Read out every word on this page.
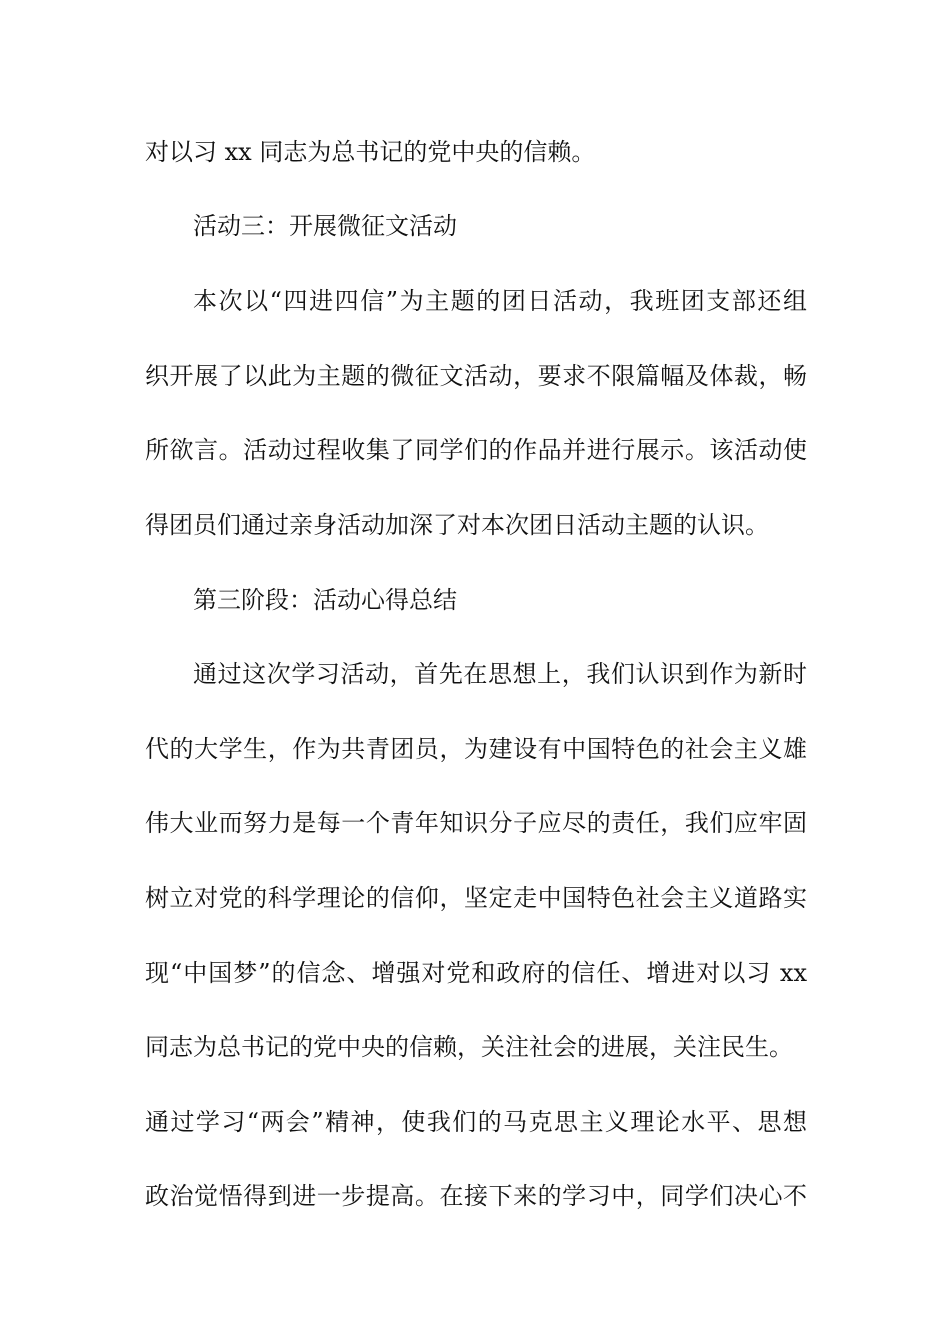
对以习 xx 同志为总书记的党中央的信赖。
活动三：开展微征文活动
本次以“四进四信”为主题的团日活动，我班团支部还组
织开展了以此为主题的微征文活动，要求不限篇幅及体裁，畅
所欲言。活动过程收集了同学们的作品并进行展示。该活动使
得团员们通过亲身活动加深了对本次团日活动主题的认识。
第三阶段：活动心得总结
通过这次学习活动，首先在思想上，我们认识到作为新时
代的大学生，作为共青团员，为建设有中国特色的社会主义雄
伟大业而努力是每一个青年知识分子应尽的责任，我们应牢固
树立对党的科学理论的信仰，坚定走中国特色社会主义道路实
现“中国梦”的信念、增强对党和政府的信任、增进对以习 xx
同志为总书记的党中央的信赖，关注社会的进展，关注民生。
通过学习“两会”精神，使我们的马克思主义理论水平、思想
政治觉悟得到进一步提高。在接下来的学习中，同学们决心不
